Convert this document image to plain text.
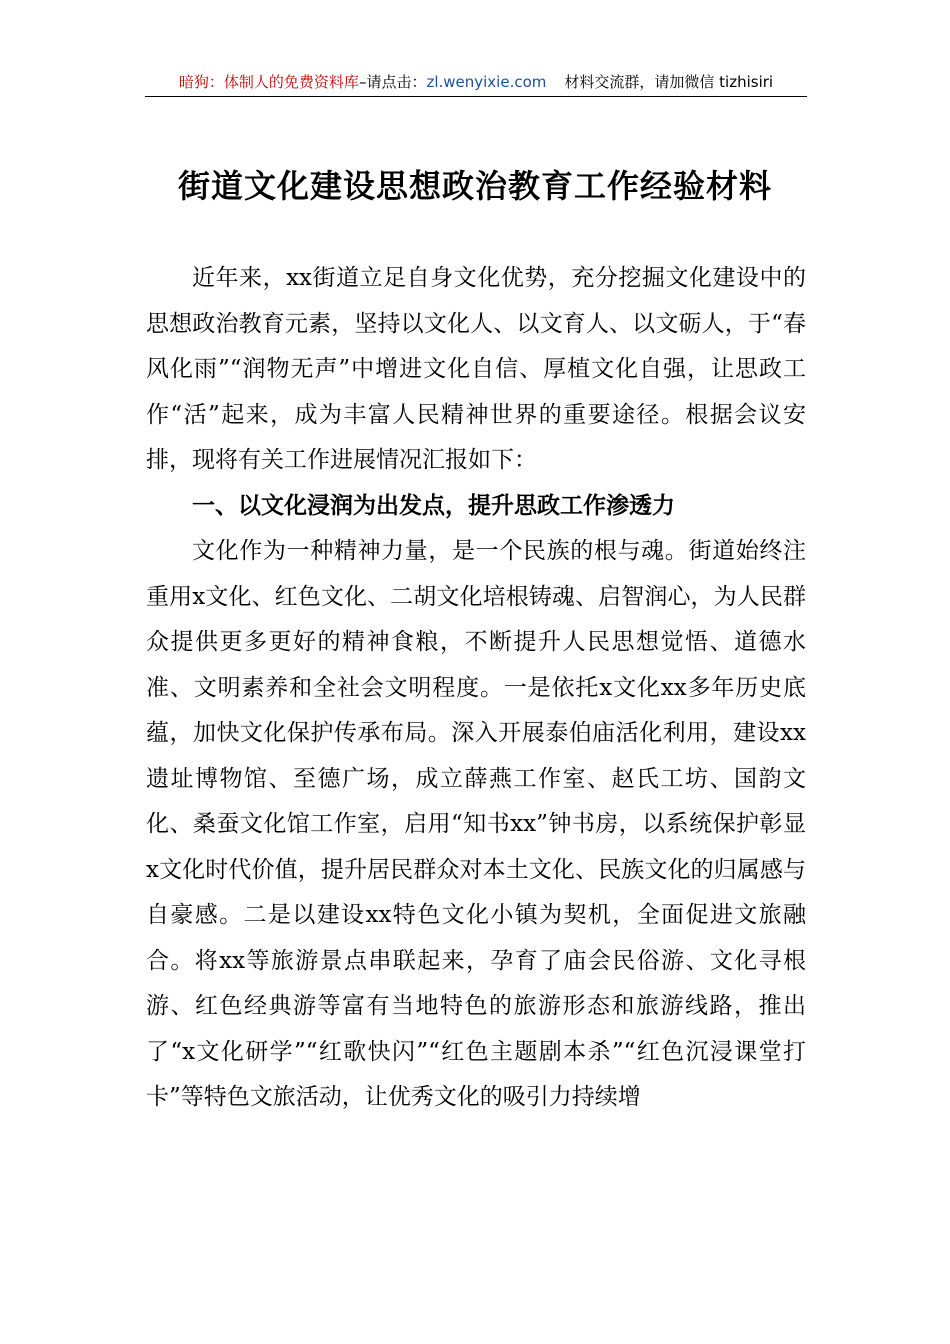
暗狗：体制人的免费资料库–请点击：zl.wenyixie.com 材料交流群，请加微信 tizhisiri
街道文化建设思想政治教育工作经验材料

近年来，xx街道立足自身文化优势，充分挖掘文化建设中的思想政治教育元素，坚持以文化人、以文育人、以文砺人，于“春风化雨”“润物无声”中增进文化自信、厚植文化自强，让思政工作“活”起来，成为丰富人民精神世界的重要途径。根据会议安排，现将有关工作进展情况汇报如下：

一、以文化浸润为出发点，提升思政工作渗透力

文化作为一种精神力量，是一个民族的根与魂。街道始终注重用x文化、红色文化、二胡文化培根铸魂、启智润心，为人民群众提供更多更好的精神食粮，不断提升人民思想觉悟、道德水准、文明素养和全社会文明程度。一是依托x文化xx多年历史底蕴，加快文化保护传承布局。深入开展泰伯庙活化利用，建设xx遗址博物馆、至德广场，成立薛燕工作室、赵氏工坊、国韵文化、桑蚕文化馆工作室，启用“知书xx”钟书房，以系统保护彰显x文化时代价值，提升居民群众对本土文化、民族文化的归属感与自豪感。二是以建设xx特色文化小镇为契机，全面促进文旅融合。将xx等旅游景点串联起来，孕育了庙会民俗游、文化寻根游、红色经典游等富有当地特色的旅游形态和旅游线路，推出了“x文化研学”“红歌快闪”“红色主题剧本杀”“红色沉浸课堂打卡”等特色文旅活动，让优秀文化的吸引力持续增
